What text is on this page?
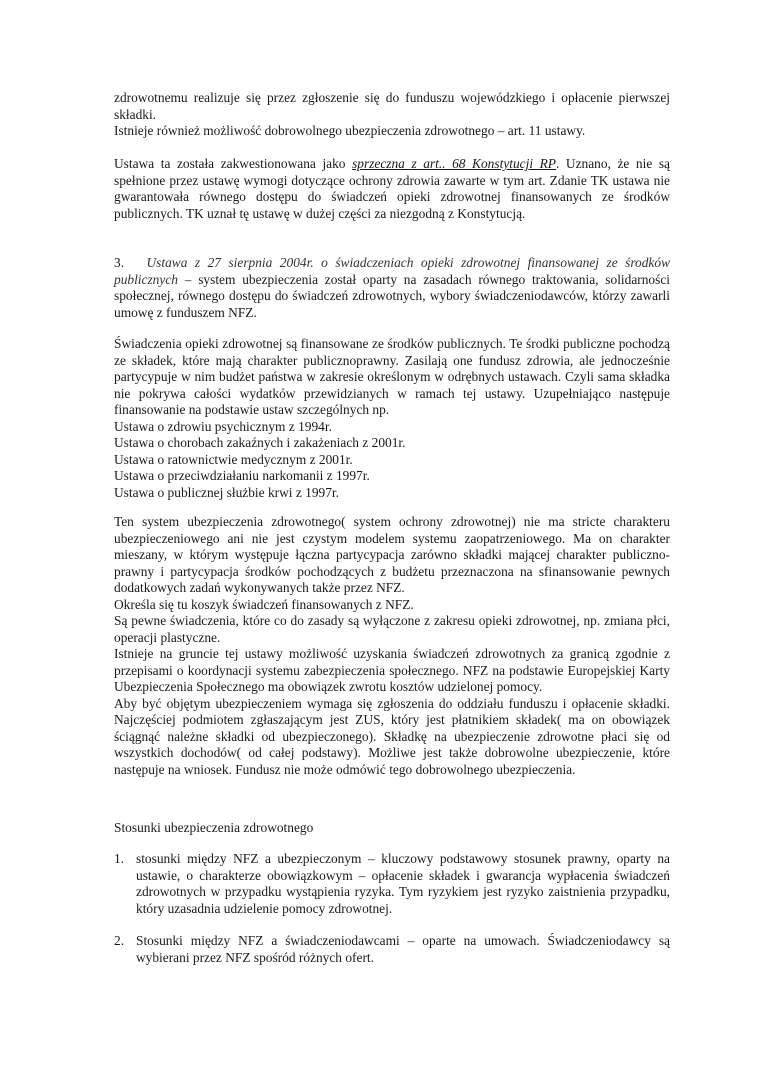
zdrowotnemu realizuje się przez zgłoszenie się do funduszu wojewódzkiego i opłacenie pierwszej składki.

Istnieje również możliwość dobrowolnego ubezpieczenia zdrowotnego – art. 11 ustawy.

Ustawa ta została zakwestionowana jako sprzeczna z art.. 68 Konstytucji RP. Uznano, że nie są spełnione przez ustawę wymogi dotyczące ochrony zdrowia zawarte w tym art. Zdanie TK ustawa nie gwarantowała równego dostępu do świadczeń opieki zdrowotnej finansowanych ze środków publicznych. TK uznał tę ustawę w dużej części za niezgodną z Konstytucją.

3. Ustawa z 27 sierpnia 2004r. o świadczeniach opieki zdrowotnej finansowanej ze środków publicznych – system ubezpieczenia został oparty na zasadach równego traktowania, solidarności społecznej, równego dostępu do świadczeń zdrowotnych, wybory świadczeniodawców, którzy zawarli umowę z funduszem NFZ.

Świadczenia opieki zdrowotnej są finansowane ze środków publicznych. Te środki publiczne pochodzą ze składek, które mają charakter publicznoprawny. Zasilają one fundusz zdrowia, ale jednocześnie partycypuje w nim budżet państwa w zakresie określonym w odrębnych ustawach. Czyli sama składka nie pokrywa całości wydatków przewidzianych w ramach tej ustawy. Uzupełniająco następuje finansowanie na podstawie ustaw szczególnych np.

Ustawa o zdrowiu psychicznym z 1994r.
Ustawa o chorobach zakaźnych i zakażeniach z 2001r.
Ustawa o ratownictwie medycznym z 2001r.
Ustawa o przeciwdziałaniu narkomanii z 1997r.
Ustawa o publicznej służbie krwi z 1997r.

Ten system ubezpieczenia zdrowotnego( system ochrony zdrowotnej) nie ma stricte charakteru ubezpieczeniowego ani nie jest czystym modelem systemu zaopatrzeniowego. Ma on charakter mieszany, w którym występuje łączna partycypacja zarówno składki mającej charakter publiczno-prawny i partycypacja środków pochodzących z budżetu przeznaczona na sfinansowanie pewnych dodatkowych zadań wykonywanych także przez NFZ.

Określa się tu koszyk świadczeń finansowanych z NFZ.

Są pewne świadczenia, które co do zasady są wyłączone z zakresu opieki zdrowotnej, np. zmiana płci, operacji plastyczne.

Istnieje na gruncie tej ustawy możliwość uzyskania świadczeń zdrowotnych za granicą zgodnie z przepisami o koordynacji systemu zabezpieczenia społecznego. NFZ na podstawie Europejskiej Karty Ubezpieczenia Społecznego ma obowiązek zwrotu kosztów udzielonej pomocy.

Aby być objętym ubezpieczeniem wymaga się zgłoszenia do oddziału funduszu i opłacenie składki. Najczęściej podmiotem zgłaszającym jest ZUS, który jest płatnikiem składek( ma on obowiązek ściągnąć należne składki od ubezpieczonego). Składkę na ubezpieczenie zdrowotne płaci się od wszystkich dochodów( od całej podstawy). Możliwe jest także dobrowolne ubezpieczenie, które następuje na wniosek. Fundusz nie może odmówić tego dobrowolnego ubezpieczenia.

Stosunki ubezpieczenia zdrowotnego

1. stosunki między NFZ a ubezpieczonym – kluczowy podstawowy stosunek prawny, oparty na ustawie, o charakterze obowiązkowym – opłacenie składek i gwarancja wypłacenia świadczeń zdrowotnych w przypadku wystąpienia ryzyka. Tym ryzykiem jest ryzyko zaistnienia przypadku, który uzasadnia udzielenie pomocy zdrowotnej.

2. Stosunki między NFZ a świadczeniodawcami – oparte na umowach. Świadczeniodawcy są wybierani przez NFZ spośród różnych ofert.
